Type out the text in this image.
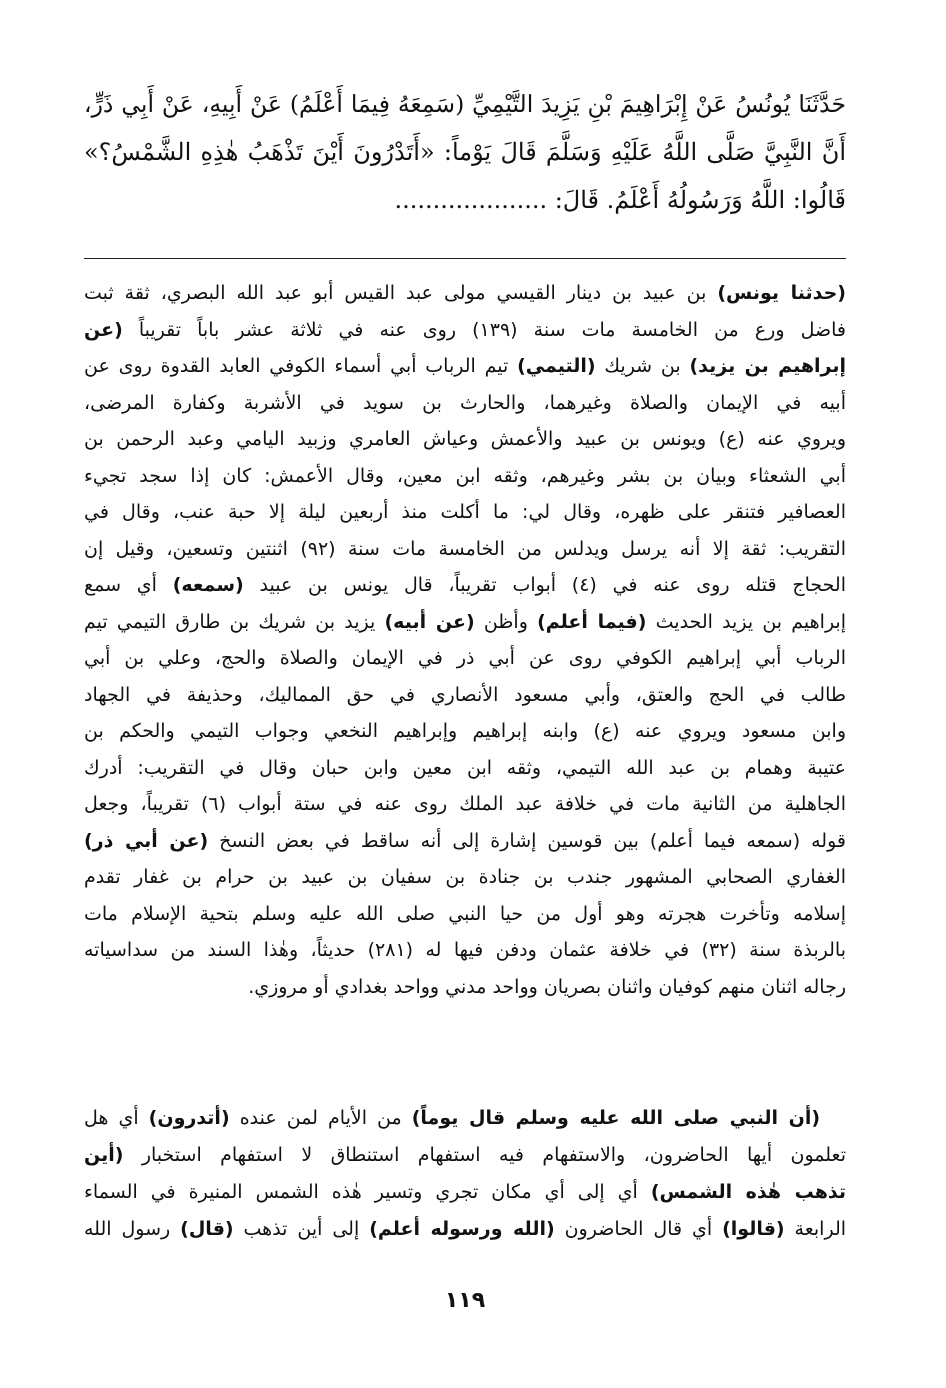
حَدَّثَنَا يُونُسُ عَنْ إِبْرَاهِيمَ بْنِ يَزِيدَ التَّيْمِيِّ (سَمِعَهُ فِيمَا أَعْلَمُ) عَنْ أَبِيهِ، عَنْ أَبِي ذَرٍّ،
أَنَّ النَّبِيَّ صَلَّى اللَّهُ عَلَيْهِ وَسَلَّمَ قَالَ يَوْماً: «أَتَدْرُونَ أَيْنَ تَذْهَبُ هٰذِهِ الشَّمْسُ؟»
قَالُوا: اللَّهُ وَرَسُولُهُ أَعْلَمُ. قَالَ: ....................
(حدثنا يونس) بن عبيد بن دينار القيسي مولى عبد القيس أبو عبد الله البصري، ثقة ثبت
فاضل ورع من الخامسة مات سنة (١٣٩) روى عنه في ثلاثة عشر باباً تقريباً (عن
إبراهيم بن يزيد) بن شريك (التيمي) تيم الرباب أبي أسماء الكوفي العابد القدوة روى عن
أبيه في الإيمان والصلاة وغيرهما، والحارث بن سويد في الأشربة وكفارة المرضى،
ويروي عنه (ع) ويونس بن عبيد والأعمش وعياش العامري وزبيد اليامي وعبد الرحمن بن
أبي الشعثاء وبيان بن بشر وغيرهم، وثقه ابن معين، وقال الأعمش: كان إذا سجد تجيء
العصافير فتنقر على ظهره، وقال لي: ما أكلت منذ أربعين ليلة إلا حبة عنب، وقال في
التقريب: ثقة إلا أنه يرسل ويدلس من الخامسة مات سنة (٩٢) اثنتين وتسعين، وقيل إن
الحجاج قتله روى عنه في (٤) أبواب تقريباً، قال يونس بن عبيد (سمعه) أي سمع
إبراهيم بن يزيد الحديث (فيما أعلم) وأظن (عن أبيه) يزيد بن شريك بن طارق التيمي تيم
الرباب أبي إبراهيم الكوفي روى عن أبي ذر في الإيمان والصلاة والحج، وعلي بن أبي
طالب في الحج والعتق، وأبي مسعود الأنصاري في حق المماليك، وحذيفة في الجهاد
وابن مسعود ويروي عنه (ع) وابنه إبراهيم وإبراهيم النخعي وجواب التيمي والحكم بن
عتيبة وهمام بن عبد الله التيمي، وثقه ابن معين وابن حبان وقال في التقريب: أدرك
الجاهلية من الثانية مات في خلافة عبد الملك روى عنه في ستة أبواب (٦) تقريباً، وجعل
قوله (سمعه فيما أعلم) بين قوسين إشارة إلى أنه ساقط في بعض النسخ (عن أبي ذر)
الغفاري الصحابي المشهور جندب بن جنادة بن سفيان بن عبيد بن حرام بن غفار تقدم
إسلامه وتأخرت هجرته وهو أول من حيا النبي صلى الله عليه وسلم بتحية الإسلام مات
بالربذة سنة (٣٢) في خلافة عثمان ودفن فيها له (٢٨١) حديثاً، وهٰذا السند من سداسياته
رجاله اثنان منهم كوفيان واثنان بصريان وواحد مدني وواحد بغدادي أو مروزي.
(أن النبي صلى الله عليه وسلم قال يوماً) من الأيام لمن عنده (أتدرون) أي هل
تعلمون أيها الحاضرون، والاستفهام فيه استفهام استنطاق لا استفهام استخبار (أين
تذهب هٰذه الشمس) أي إلى أي مكان تجري وتسير هٰذه الشمس المنيرة في السماء
الرابعة (قالوا) أي قال الحاضرون (الله ورسوله أعلم) إلى أين تذهب (قال) رسول الله
١١٩
